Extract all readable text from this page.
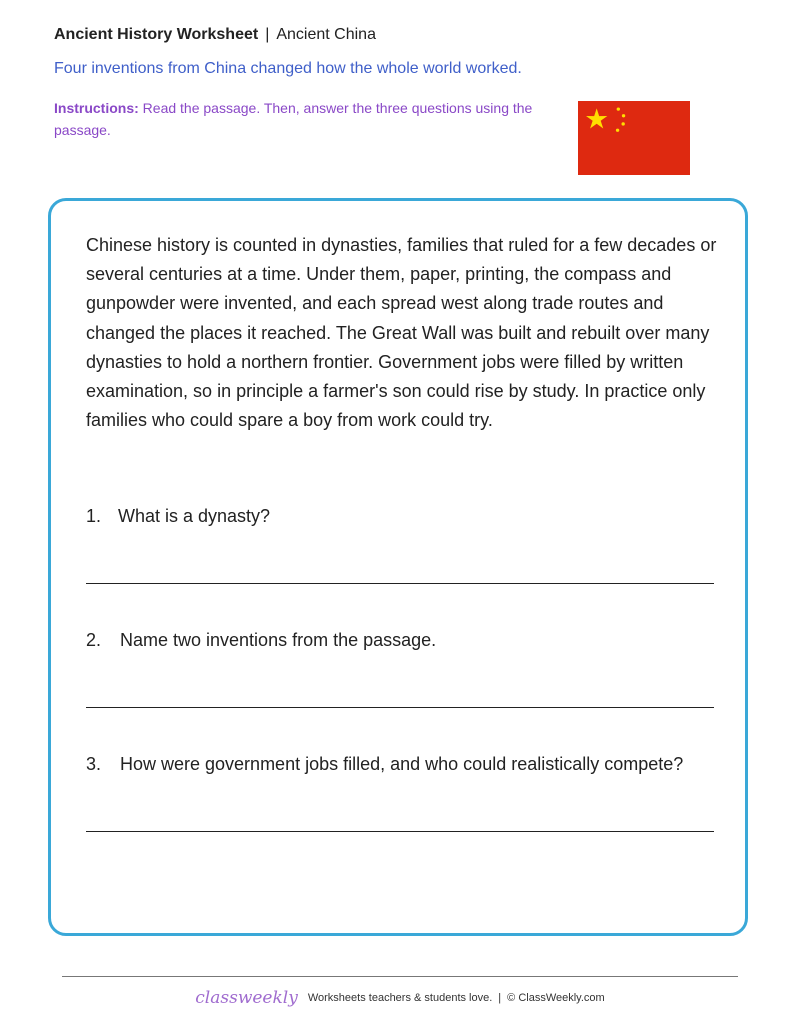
Ancient History Worksheet | Ancient China
Four inventions from China changed how the whole world worked.
Instructions: Read the passage. Then, answer the three questions using the passage.
Chinese history is counted in dynasties, families that ruled for a few decades or several centuries at a time. Under them, paper, printing, the compass and gunpowder were invented, and each spread west along trade routes and changed the places it reached. The Great Wall was built and rebuilt over many dynasties to hold a northern frontier. Government jobs were filled by written examination, so in principle a farmer's son could rise by study. In practice only families who could spare a boy from work could try.
1. What is a dynasty?
2. Name two inventions from the passage.
3. How were government jobs filled, and who could realistically compete?
classweekly Worksheets teachers & students love. | © ClassWeekly.com
